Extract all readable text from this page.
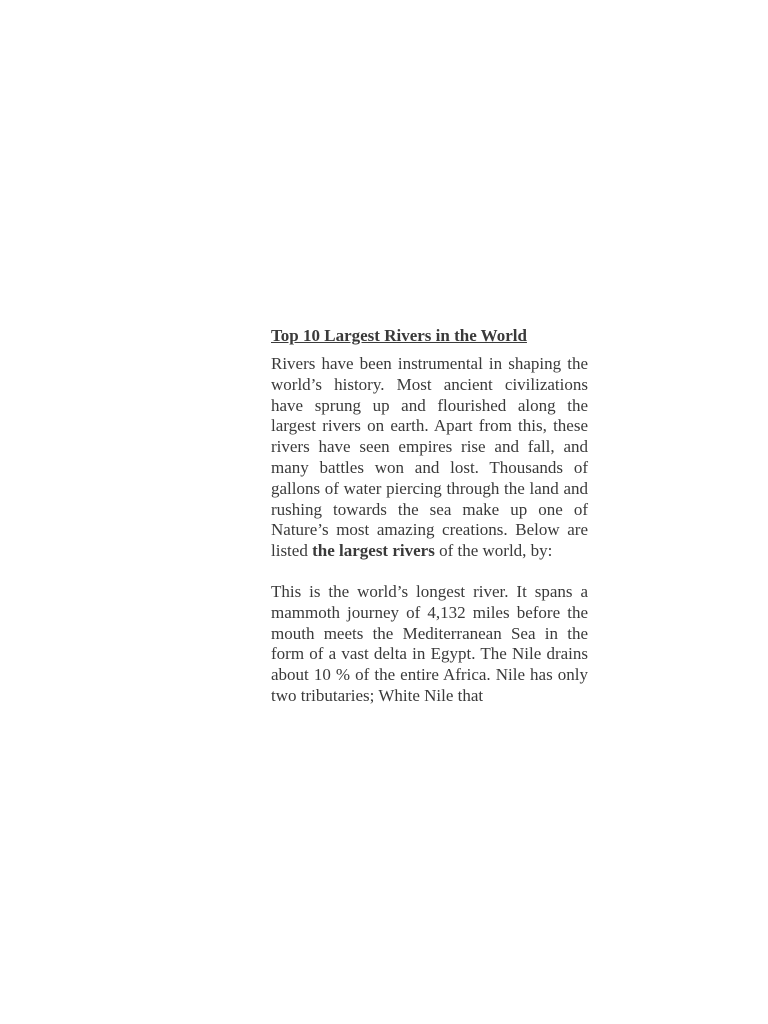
Top 10 Largest Rivers in the World

Rivers have been instrumental in shaping the world’s history. Most ancient civilizations have sprung up and flourished along the largest rivers on earth. Apart from this, these rivers have seen empires rise and fall, and many battles won and lost. Thousands of gallons of water piercing through the land and rushing towards the sea make up one of Nature’s most amazing creations. Below are listed the largest rivers of the world, by:

This is the world’s longest river. It spans a mammoth journey of 4,132 miles before the mouth meets the Mediterranean Sea in the form of a vast delta in Egypt. The Nile drains about 10 % of the entire Africa. Nile has only two tributaries; White Nile that
